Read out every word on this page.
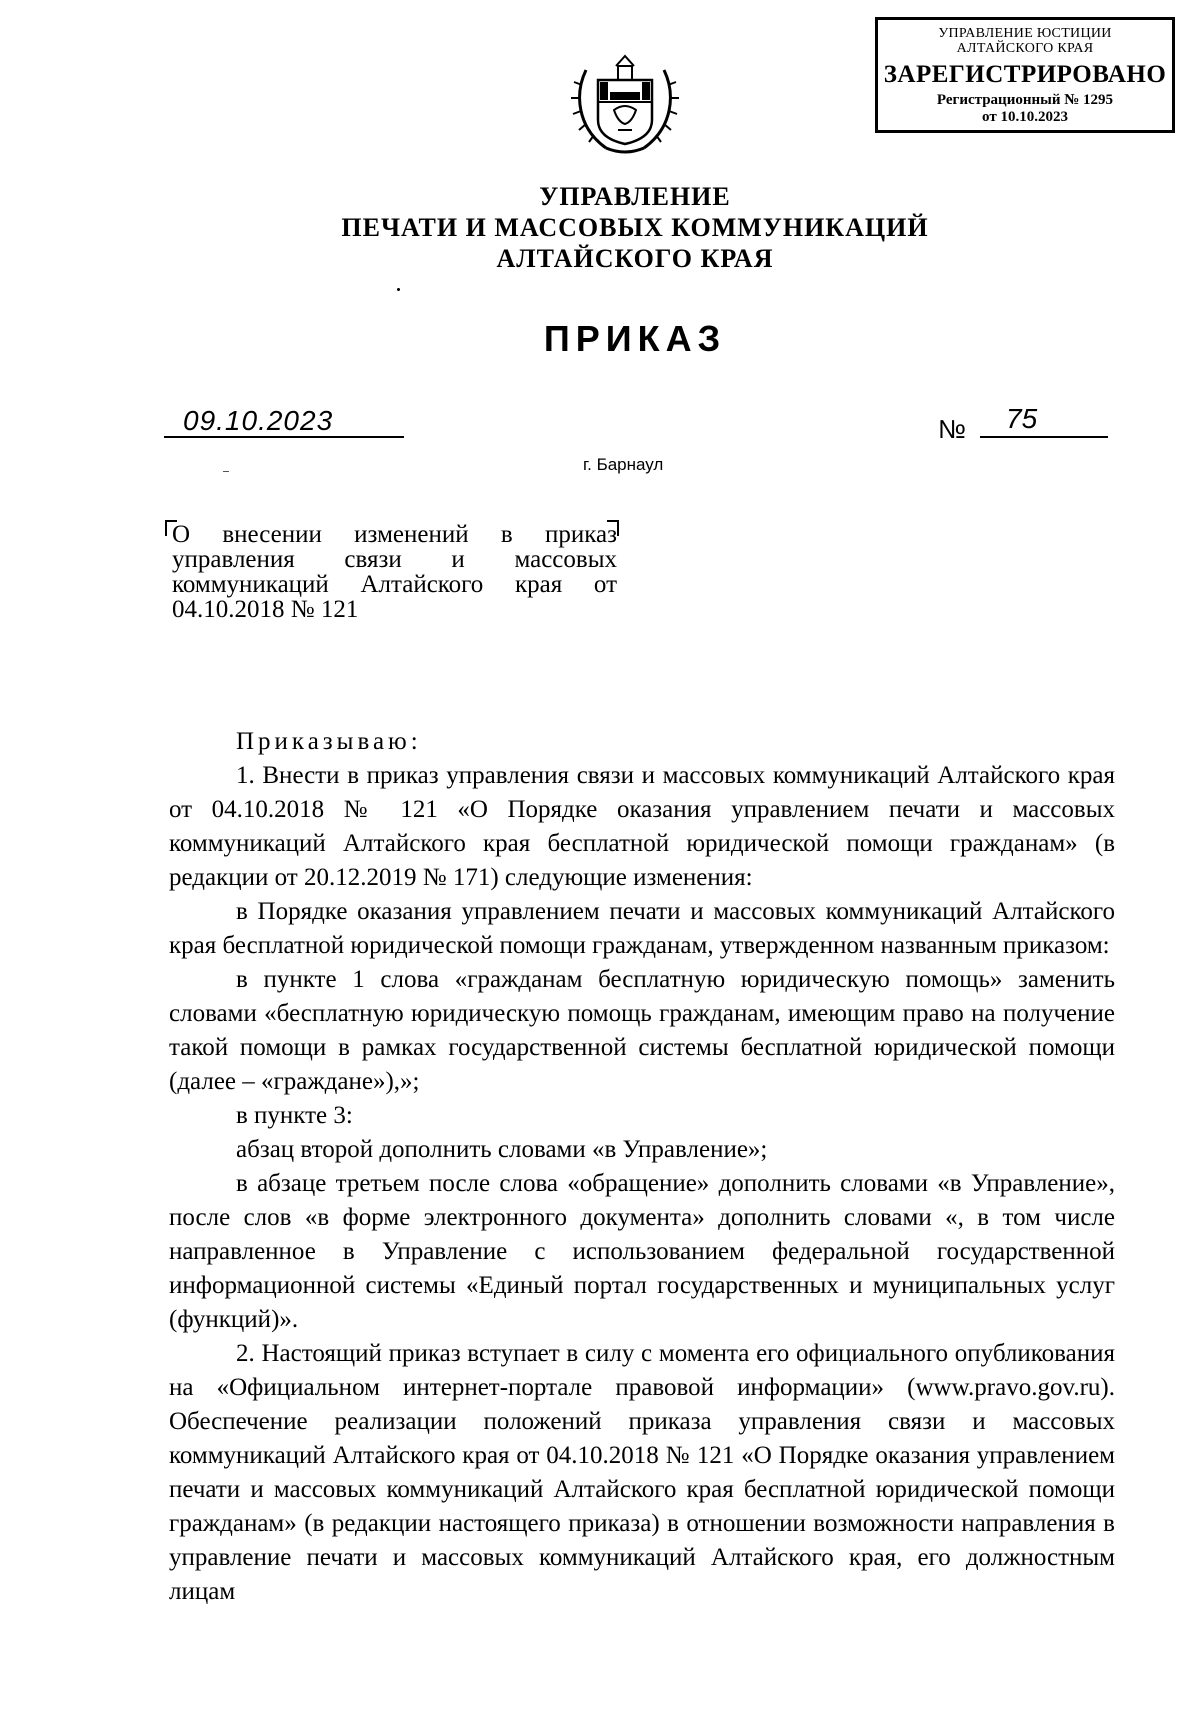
УПРАВЛЕНИЕ ЮСТИЦИИ
АЛТАЙСКОГО КРАЯ
ЗАРЕГИСТРИРОВАНО
Регистрационный № 1295
от 10.10.2023
УПРАВЛЕНИЕ
ПЕЧАТИ И МАССОВЫХ КОММУНИКАЦИЙ
АЛТАЙСКОГО КРАЯ
ПРИКАЗ
09.10.2023	№ 75
г. Барнаул
О внесении изменений в приказ
управления связи и массовых
коммуникаций Алтайского края от
04.10.2018 № 121

Приказываю:

1. Внести в приказ управления связи и массовых коммуникаций Алтайского края от 04.10.2018 № 121 «О Порядке оказания управлением печати и массовых коммуникаций Алтайского края бесплатной юридической помощи гражданам» (в редакции от 20.12.2019 № 171) следующие изменения:

в Порядке оказания управлением печати и массовых коммуникаций Алтайского края бесплатной юридической помощи гражданам, утвержденном названным приказом:

в пункте 1 слова «гражданам бесплатную юридическую помощь» заменить словами «бесплатную юридическую помощь гражданам, имеющим право на получение такой помощи в рамках государственной системы бесплатной юридической помощи (далее – «граждане»),»;

в пункте 3:

абзац второй дополнить словами «в Управление»;

в абзаце третьем после слова «обращение» дополнить словами «в Управление», после слов «в форме электронного документа» дополнить словами «, в том числе направленное в Управление с использованием федеральной государственной информационной системы «Единый портал государственных и муниципальных услуг (функций)».

2. Настоящий приказ вступает в силу с момента его официального опубликования на «Официальном интернет-портале правовой информации» (www.pravo.gov.ru). Обеспечение реализации положений приказа управления связи и массовых коммуникаций Алтайского края от 04.10.2018 № 121 «О Порядке оказания управлением печати и массовых коммуникаций Алтайского края бесплатной юридической помощи гражданам» (в редакции настоящего приказа) в отношении возможности направления в управление печати и массовых коммуникаций Алтайского края, его должностным лицам
